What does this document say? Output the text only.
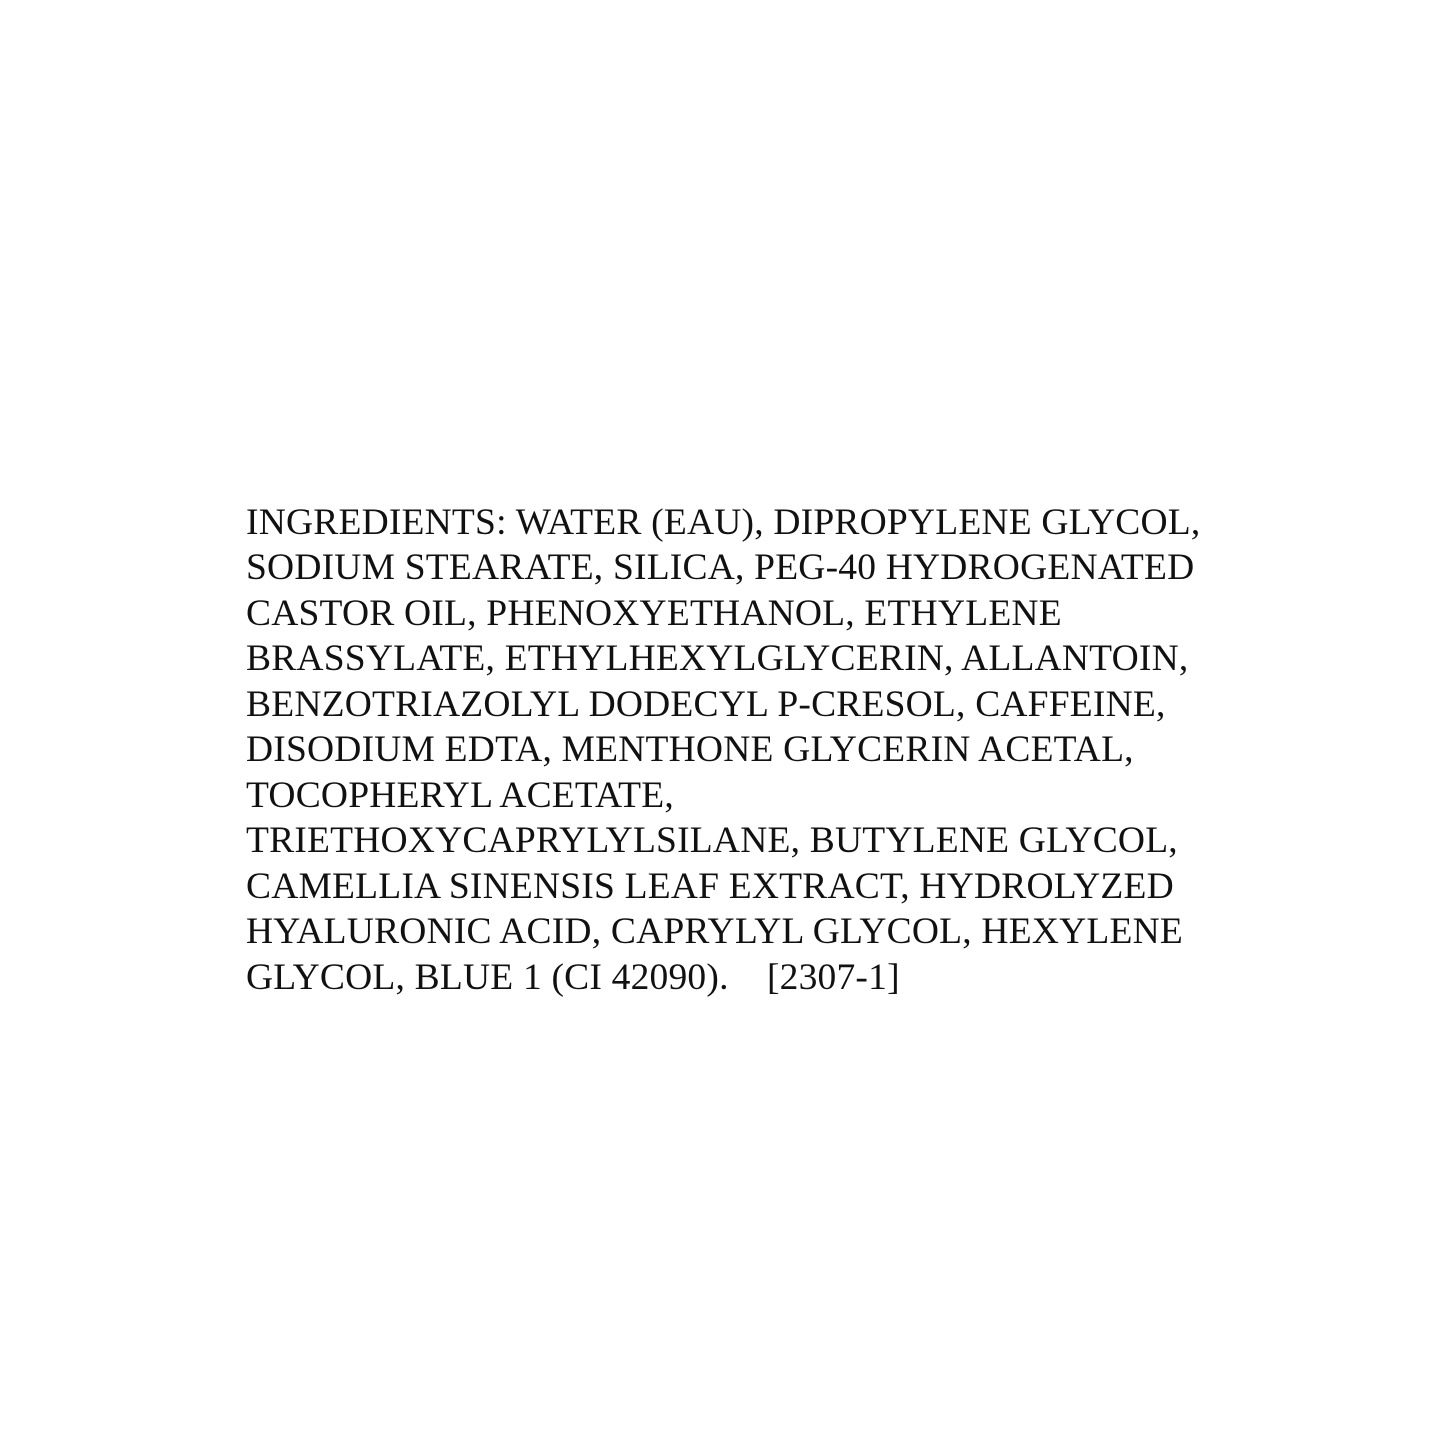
INGREDIENTS: WATER (EAU), DIPROPYLENE GLYCOL, SODIUM STEARATE, SILICA, PEG-40 HYDROGENATED CASTOR OIL, PHENOXYETHANOL, ETHYLENE BRASSYLATE, ETHYLHEXYLGLYCERIN, ALLANTOIN, BENZOTRIAZOLYL DODECYL P-CRESOL, CAFFEINE, DISODIUM EDTA, MENTHONE GLYCERIN ACETAL, TOCOPHERYL ACETATE, TRIETHOXYCAPRYLYLSILANE, BUTYLENE GLYCOL, CAMELLIA SINENSIS LEAF EXTRACT, HYDROLYZED HYALURONIC ACID, CAPRYLYL GLYCOL, HEXYLENE GLYCOL, BLUE 1 (CI 42090).    [2307-1]
